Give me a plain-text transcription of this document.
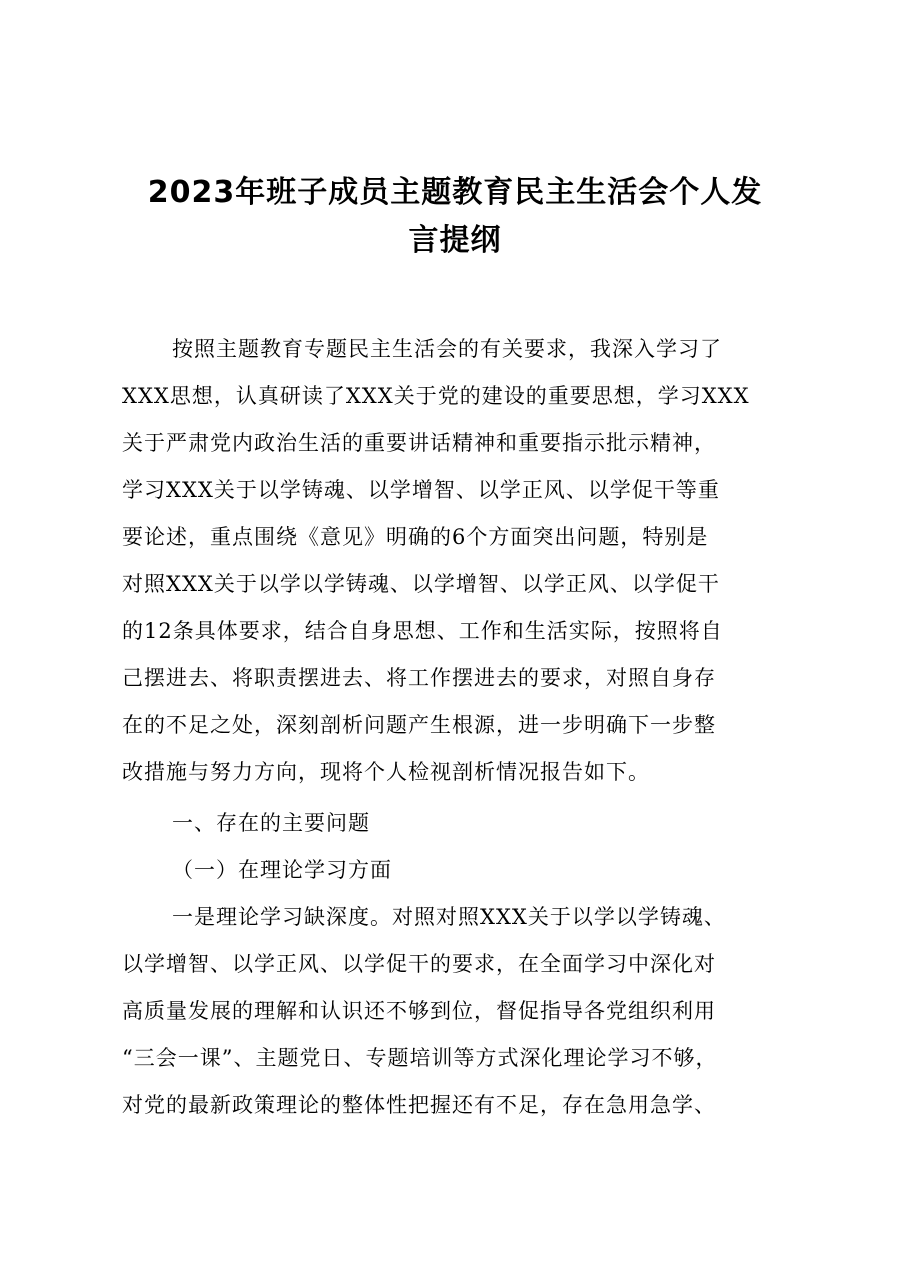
2023年班子成员主题教育民主生活会个人发
言提纲
按照主题教育专题民主生活会的有关要求，我深入学习了
XXX思想，认真研读了XXX关于党的建设的重要思想，学习XXX
关于严肃党内政治生活的重要讲话精神和重要指示批示精神，
学习XXX关于以学铸魂、以学增智、以学正风、以学促干等重
要论述，重点围绕《意见》明确的6个方面突出问题，特别是
对照XXX关于以学以学铸魂、以学增智、以学正风、以学促干
的12条具体要求，结合自身思想、工作和生活实际，按照将自
己摆进去、将职责摆进去、将工作摆进去的要求，对照自身存
在的不足之处，深刻剖析问题产生根源，进一步明确下一步整
改措施与努力方向，现将个人检视剖析情况报告如下。
一、存在的主要问题
（一）在理论学习方面
一是理论学习缺深度。对照对照XXX关于以学以学铸魂、
以学增智、以学正风、以学促干的要求，在全面学习中深化对
高质量发展的理解和认识还不够到位，督促指导各党组织利用
“三会一课”、主题党日、专题培训等方式深化理论学习不够，
对党的最新政策理论的整体性把握还有不足，存在急用急学、
